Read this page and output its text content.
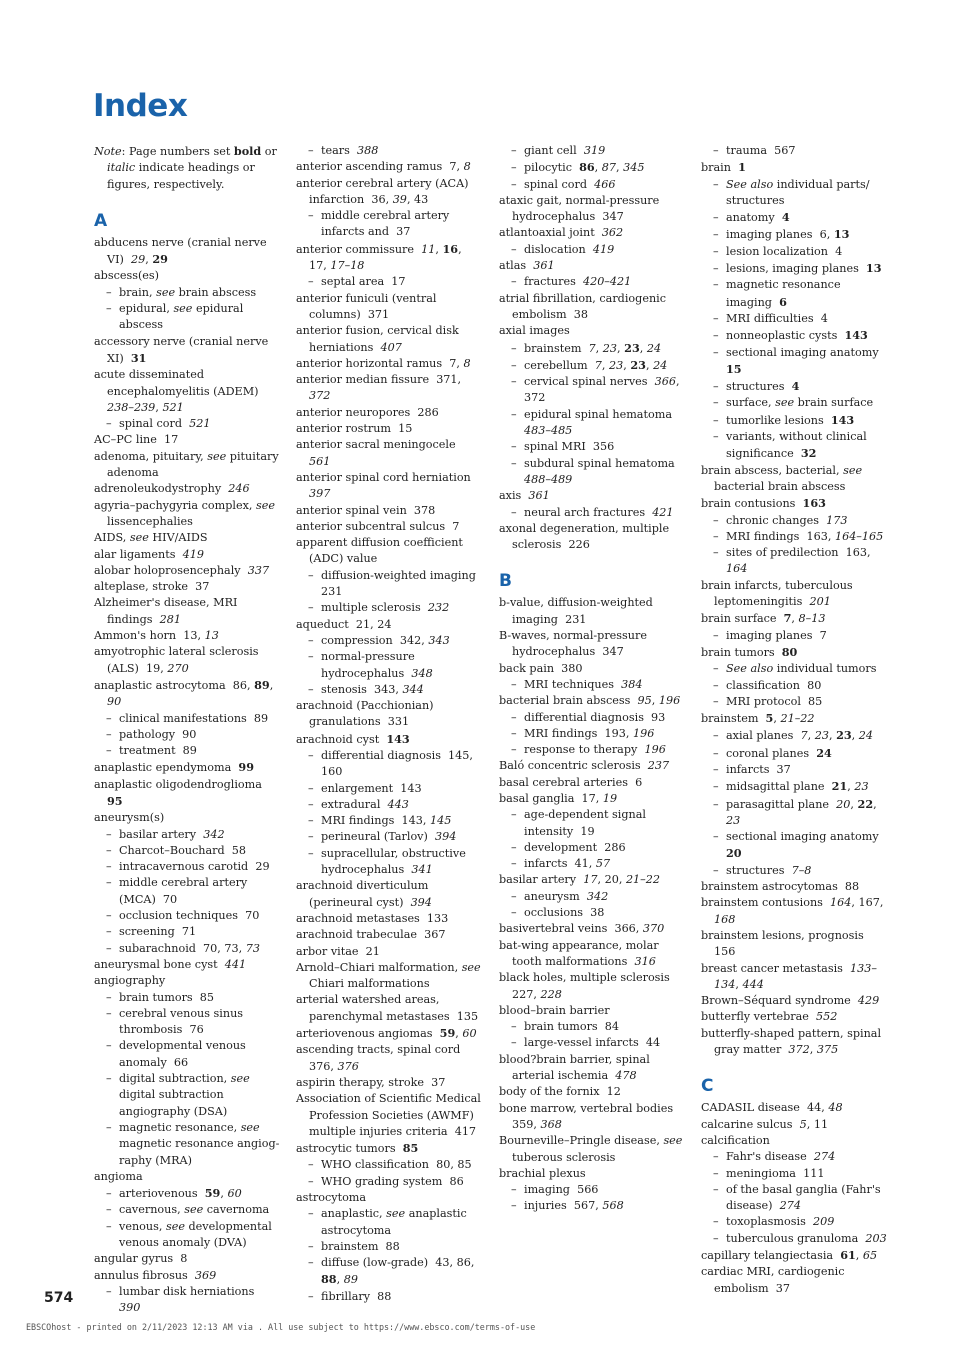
Index
Note: Page numbers set bold or italic indicate headings or figures, respectively.
A
abducens nerve (cranial nerve VI)  29, 29
abscess(es)
– brain, see brain abscess
– epidural, see epidural abscess
accessory nerve (cranial nerve XI)  31
acute disseminated encephalomyelitis (ADEM)  238–239, 521
– spinal cord  521
AC–PC line  17
adenoma, pituitary, see pituitary adenoma
adrenoleukodystrophy  246
agyria–pachygyria complex, see lissencephalies
AIDS, see HIV/AIDS
alar ligaments  419
alobar holoprosencephaly  337
alteplase, stroke  37
Alzheimer's disease, MRI findings  281
Ammon's horn  13, 13
amyotrophic lateral sclerosis (ALS)  19, 270
anaplastic astrocytoma  86, 89, 90
– clinical manifestations  89
– pathology  90
– treatment  89
anaplastic ependymoma  99
anaplastic oligodendroglioma  95
aneurysm(s)
– basilar artery  342
– Charcot–Bouchard  58
– intracavernous carotid  29
– middle cerebral artery (MCA)  70
– occlusion techniques  70
– screening  71
– subarachnoid  70, 73, 73
aneurysmal bone cyst  441
angiography
– brain tumors  85
– cerebral venous sinus thrombosis  76
– developmental venous anomaly  66
– digital subtraction, see digital subtraction angiography (DSA)
– magnetic resonance, see magnetic resonance angiography (MRA)
angioma
– arteriovenous  59, 60
– cavernous, see cavernoma
– venous, see developmental venous anomaly (DVA)
angular gyrus  8
annulus fibrosus  369
– lumbar disk herniations  390
– tears  388
anterior ascending ramus  7, 8
anterior cerebral artery (ACA) infarction  36, 39, 43
– middle cerebral artery infarcts and  37
anterior commissure  11, 16, 17, 17–18
– septal area  17
anterior funiculi (ventral columns)  371
anterior fusion, cervical disk herniations  407
anterior horizontal ramus  7, 8
anterior median fissure  371, 372
anterior neuropores  286
anterior rostrum  15
anterior sacral meningocele  561
anterior spinal cord herniation  397
anterior spinal vein  378
anterior subcentral sulcus  7
apparent diffusion coefficient (ADC) value
– diffusion-weighted imaging  231
– multiple sclerosis  232
aqueduct  21, 24
– compression  342, 343
– normal-pressure hydrocephalus  348
– stenosis  343, 344
arachnoid (Pacchionian) granulations  331
arachnoid cyst  143
– differential diagnosis  145, 160
– enlargement  143
– extradural  443
– MRI findings  143, 145
– perineural (Tarlov)  394
– supracellular, obstructive hydrocephalus  341
arachnoid diverticulum (perineural cyst)  394
arachnoid metastases  133
arachnoid trabeculae  367
arbor vitae  21
Arnold–Chiari malformation, see Chiari malformations
arterial watershed areas, parenchymal metastases  135
arteriovenous angiomas  59, 60
ascending tracts, spinal cord  376, 376
aspirin therapy, stroke  37
Association of Scientific Medical Profession Societies (AWMF) multiple injuries criteria  417
astrocytic tumors  85
– WHO classification  80, 85
– WHO grading system  86
astrocytoma
– anaplastic, see anaplastic astrocytoma
– brainstem  88
– diffuse (low-grade)  43, 86, 88, 89
– fibrillary  88
– giant cell  319
– pilocytic  86, 87, 345
– spinal cord  466
ataxic gait, normal-pressure hydrocephalus  347
atlantoaxial joint  362
– dislocation  419
atlas  361
– fractures  420–421
atrial fibrillation, cardiogenic embolism  38
axial images
– brainstem  7, 23, 23, 24
– cerebellum  7, 23, 23, 24
– cervical spinal nerves  366, 372
– epidural spinal hematoma  483–485
– spinal MRI  356
– subdural spinal hematoma  488–489
axis  361
– neural arch fractures  421
axonal degeneration, multiple sclerosis  226
B
b-value, diffusion-weighted imaging  231
B-waves, normal-pressure hydrocephalus  347
back pain  380
– MRI techniques  384
bacterial brain abscess  95, 196
– differential diagnosis  93
– MRI findings  193, 196
– response to therapy  196
Baló concentric sclerosis  237
basal cerebral arteries  6
basal ganglia  17, 19
– age-dependent signal intensity  19
– development  286
– infarcts  41, 57
basilar artery  17, 20, 21–22
– aneurysm  342
– occlusions  38
basivertebral veins  366, 370
bat-wing appearance, molar tooth malformations  316
black holes, multiple sclerosis  227, 228
blood–brain barrier
– brain tumors  84
– large-vessel infarcts  44
blood?brain barrier, spinal arterial ischemia  478
body of the fornix  12
bone marrow, vertebral bodies  359, 368
Bourneville–Pringle disease, see tuberous sclerosis
brachial plexus
– imaging  566
– injuries  567, 568
– trauma  567
brain  1
– See also individual parts/ structures
– anatomy  4
– imaging planes  6, 13
– lesion localization  4
– lesions, imaging planes  13
– magnetic resonance imaging  6
– MRI difficulties  4
– nonneoplastic cysts  143
– sectional imaging anatomy  15
– structures  4
– surface, see brain surface
– tumorlike lesions  143
– variants, without clinical significance  32
brain abscess, bacterial, see bacterial brain abscess
brain contusions  163
– chronic changes  173
– MRI findings  163, 164–165
– sites of predilection  163, 164
brain infarcts, tuberculous leptomeningitis  201
brain surface  7, 8–13
– imaging planes  7
brain tumors  80
– See also individual tumors
– classification  80
– MRI protocol  85
brainstem  5, 21–22
– axial planes  7, 23, 23, 24
– coronal planes  24
– infarcts  37
– midsagittal plane  21, 23
– parasagittal plane  20, 22, 23
– sectional imaging anatomy  20
– structures  7–8
brainstem astrocytomas  88
brainstem contusions  164, 167, 168
brainstem lesions, prognosis  156
breast cancer metastasis  133–134, 444
Brown–Séquard syndrome  429
butterfly vertebrae  552
butterfly-shaped pattern, spinal gray matter  372, 375
C
CADASIL disease  44, 48
calcarine sulcus  5, 11
calcification
– Fahr's disease  274
– meningioma  111
– of the basal ganglia (Fahr's disease)  274
– toxoplasmosis  209
– tuberculous granuloma  203
capillary telangiectasia  61, 65
cardiac MRI, cardiogenic embolism  37
574
EBSCOhost - printed on 2/11/2023 12:13 AM via . All use subject to https://www.ebsco.com/terms-of-use
